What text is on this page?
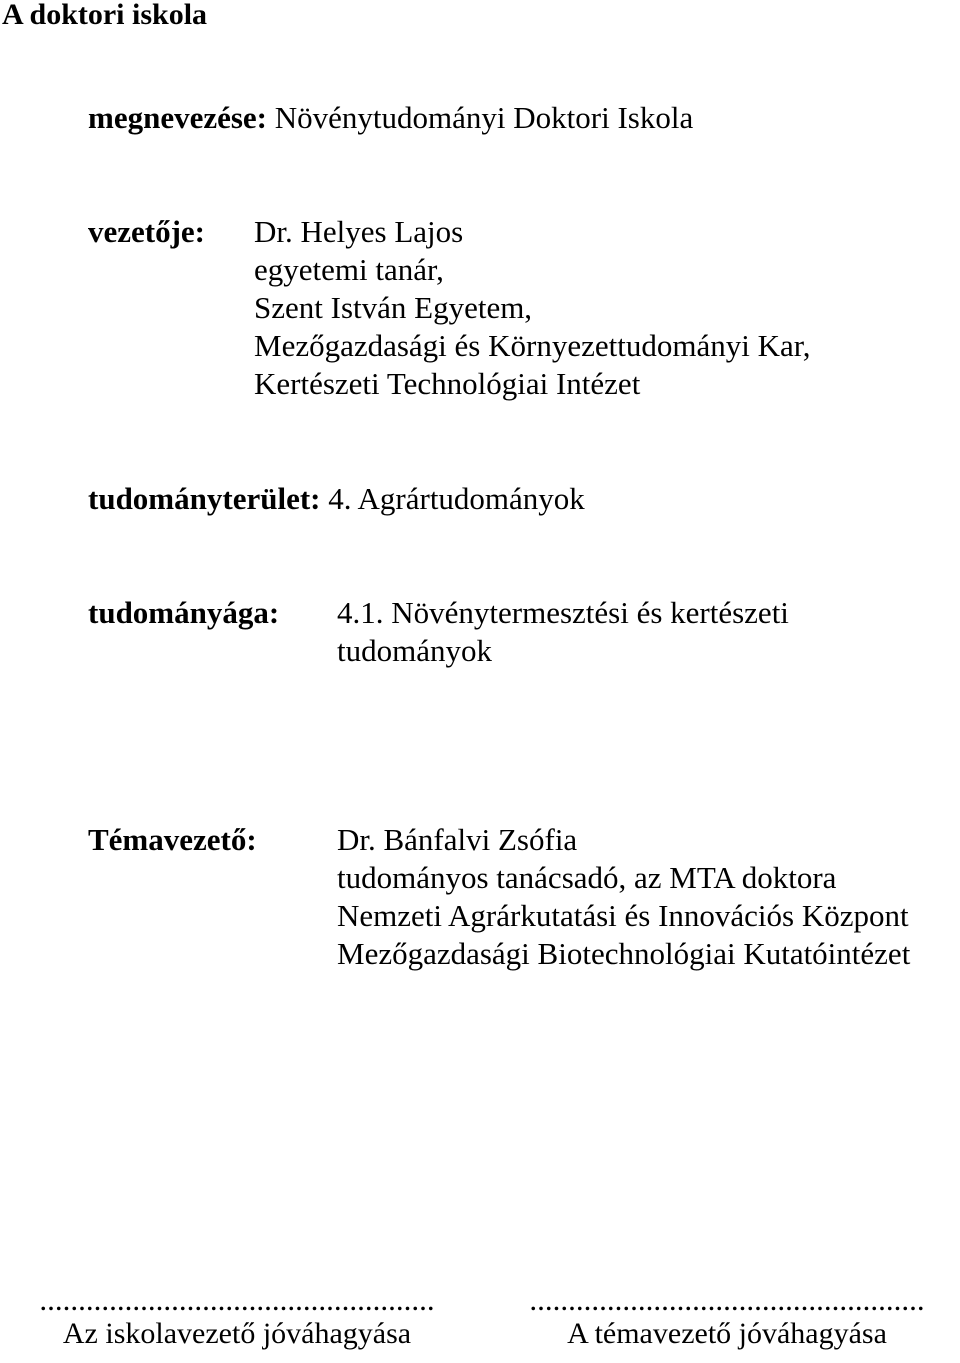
A doktori iskola
megnevezése: Növénytudományi Doktori Iskola
vezetője: Dr. Helyes Lajos
egyetemi tanár,
Szent István Egyetem,
Mezőgazdasági és Környezettudományi Kar,
Kertészeti Technológiai Intézet
tudományterület: 4. Agrártudományok
tudományága: 4.1. Növénytermesztési és kertészeti
tudományok
Témavezető:	Dr. Bánfalvi Zsófia
tudományos tanácsadó, az MTA doktora
Nemzeti Agrárkutatási és Innovációs Központ
Mezőgazdasági Biotechnológiai Kutatóintézet
...................................................
Az iskolavezető jóváhagyása
...................................................
A témavezető jóváhagyása
